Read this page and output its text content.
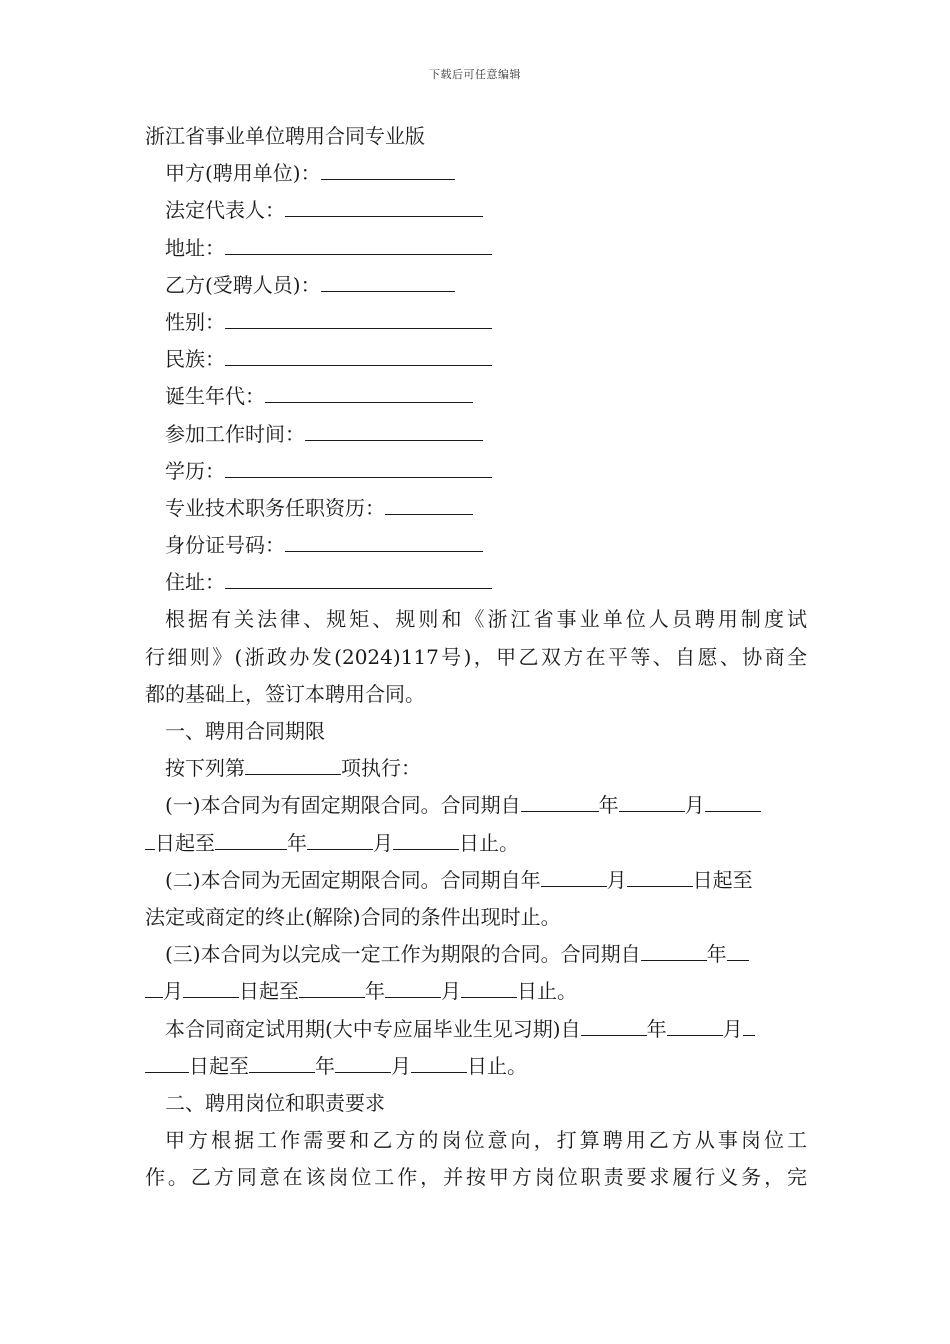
下载后可任意编辑
浙江省事业单位聘用合同专业版
甲方(聘用单位)：
法定代表人：
地址：
乙方(受聘人员)：
性别：
民族：
诞生年代：
参加工作时间：
学历：
专业技术职务任职资历：
身份证号码：
住址：
根据有关法律、规矩、规则和《浙江省事业单位人员聘用制度试
行细则》(浙政办发(2024)117号)，甲乙双方在平等、自愿、协商全
都的基础上，签订本聘用合同。
一、聘用合同期限
按下列第	项执行：
(一)本合同为有固定期限合同。合同期自	年	月
日起至	年	月	日止。
(二)本合同为无固定期限合同。合同期自年	月	日起至
法定或商定的终止(解除)合同的条件出现时止。
(三)本合同为以完成一定工作为期限的合同。合同期自	年
月	日起至	年	月	日止。
本合同商定试用期(大中专应届毕业生见习期)自	年	月
日起至	年	月	日止。
二、聘用岗位和职责要求
甲方根据工作需要和乙方的岗位意向，打算聘用乙方从事岗位工
作。乙方同意在该岗位工作，并按甲方岗位职责要求履行义务，完
